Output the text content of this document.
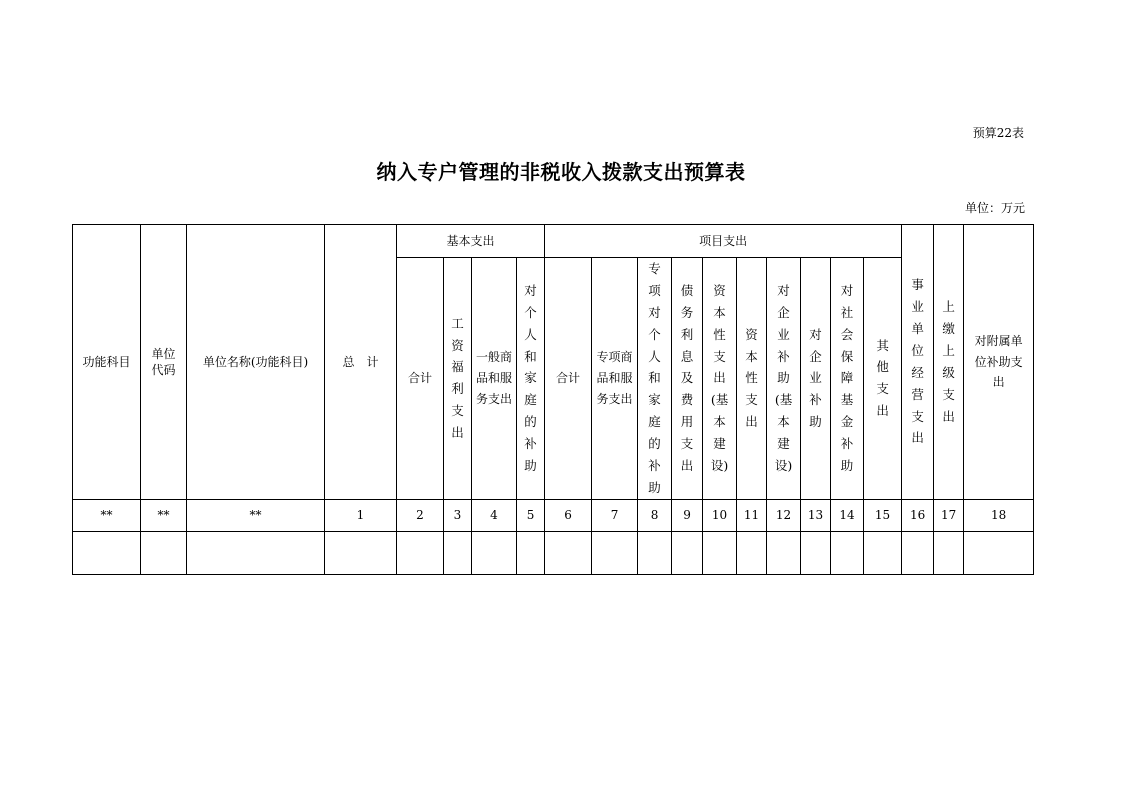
预算22表
纳入专户管理的非税收入拨款支出预算表
单位：万元
功能科目	单位代码	单位名称(功能科目)	总　计	基本支出				项目支出										事业单位经营支出	上缴上级支出	对附属单位补助支出

				合计	工资福利支出	一般商品和服务支出	对个人和家庭的补助	合计	专项商品和服务支出	专项对个人和家庭的补助	债务利息及费用支出	资本性支出(基本建设)	资本性支出	对企业补助(基本建设)	对企业补助	对社会保障基金补助	其他支出			
**	**	**	1	2	3	4	5	6	7	8	9	10	11	12	13	14	15	16	17	18
